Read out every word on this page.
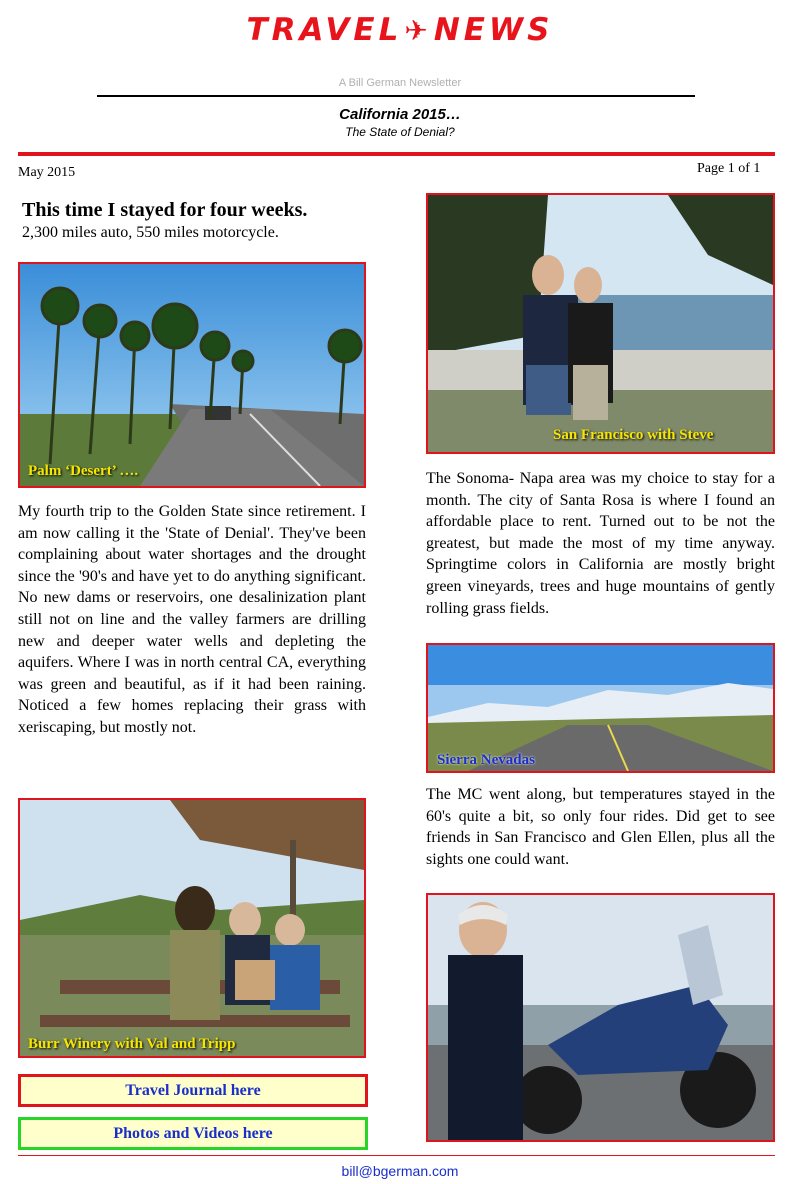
TRAVEL✈NEWS
A Bill German Newsletter
California 2015…
The State of Denial?
May 2015	Page 1 of 1
This time I stayed for four weeks.
2,300 miles auto, 550 miles motorcycle.
Palm ‘Desert’ ….
My fourth trip to the Golden State since retirement. I am now calling it the 'State of Denial'. They've been complaining about water shortages and the drought since the '90's and have yet to do anything significant. No new dams or reservoirs, one desalinization plant still not on line and the valley farmers are drilling new and deeper water wells and depleting the aquifers. Where I was in north central CA, everything was green and beautiful, as if it had been raining. Noticed a few homes replacing their grass with xeriscaping, but mostly not.
Burr Winery with Val and Tripp
Travel Journal here
Photos and Videos here
San Francisco with Steve
The Sonoma- Napa area was my choice to stay for a month. The city of Santa Rosa is where I found an affordable place to rent. Turned out to be not the greatest, but made the most of my time anyway. Springtime colors in California are mostly bright green vineyards, trees and huge mountains of gently rolling grass fields.
Sierra Nevadas
The MC went along, but temperatures stayed in the 60's quite a bit, so only four rides. Did get to see friends in San Francisco and Glen Ellen, plus all the sights one could want.
bill@bgerman.com
